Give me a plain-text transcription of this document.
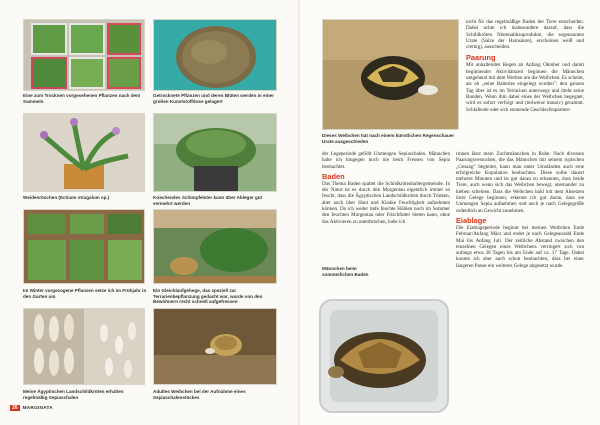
Eine zum Trocknen vorgesehenen Pflanzen nach dem Sammeln
Getrocknete Pflanzen und deren Blüten werden in einer großen Kunststoffdose gelagert
Weidenröschen (Echium stragalum sp.)	Kriechendes Schimpfelster kann über Ableger gut vermehrt werden
Im Winter vorgezogene Pflanzen setze ich im Frühjahr in den Garten um
Ein Gleichlaufgehege, das speziell zur Terrarienbepflanzung gedacht war, wurde von den Bewohnern recht schnell aufgefressen
Meine Ägyptischen Landschildkröten erhalten regelmäßig Sepiaschalen
Adultes Weibchen bei der Aufnahme eines Sepiaschalenstückes
26	MARGINATA
Dieses Weibchen hat nach einem künstlichen Regenschauer Urate ausgeschieden

nicht für das regelmäßige Baden der Tiere entscheiden. Dabei achte ich insbesondere darauf, dass die Schildkröten Nierenabbauprodukte, die sogenannten Urate (Salze der Harnsäure), erscheinen weiß und cremig), ausscheiden.

Paarung

Mit anhaltenden Regen ab Anfang Oktober und damit beginnender Aktivitätszeit beginnen die Männchen umgehend mit dem Werben um die Weibchen. Es scheint, als ob „seine Batteries eingelegt wurden": den ganzen Tag über ist es im Terrarium unterwegs und dreht seine Runden. Wenn ihm dabei eines der Weibchen begegnet, wird es sofort verfolgt und (teilweise massiv) gerammt. Schlafende oder sich sonnende Geschlechtspartner-

der Legeperiode gefüllt Unmengen Sepiaschalen. Männchen habe ich hingegen noch nie beim Fressen von Sepia beobachtet.

Baden

Das Thema Baden spaltet die Schildkrötenhaltergemeinde. In der Natur ist es durch den Morgentau eigentlich immer so feucht, dass die Ägyptischen Landschildkröten durch Trinken, aber auch über Haut und Kloake Feuchtigkeit aufnehmen können. Da ich weder tiefe feuchte Höhlen noch im Sommer den feuchten Morgentau oder Frischfutter bieten kann, ohne das Aktivieren zu unterbrechen, habe ich

rinnen lässt mein Zuchtmännchen in Ruhe. Nach diversen Paarungsversuchen, die das Männchen mit seinem typischen „Gesang" begleitet, kann man unter Umständen auch eine erfolgreiche Kopulation beobachten. Diese sollte dauert mehrere Minuten und ist gut daran zu erkennen, dass beide Tiere, auch wenn sich das Weibchen bewegt, aneinander zu kleben scheinen. Dass die Weibchen bald mit dem Absetzen ihrer Gelege beginnen, erkenne ich gut daran, dass sie Unmengen Sepia aufnehmen und auch je nach Gelegegröße ordentlich an Gewicht zunehmen.

Eiablage

Die Eiablageperiode beginnt bei meinen Weibchen Ende Februar/Anfang März und endet je nach Gelegeanzahl Ende Mai bis Anfang Juli. Der zeitliche Abstand zwischen den einzelnen Gelegen eines Weibchens verringert sich von anfangs etwa 30 Tagen bis am Ende auf ca. 17 Tage. Dabei konnte ich aber auch schon beobachten, dass bei einer längeren Pause ein weiteres Gelege abgesetzt wurde.

Männchen beim sommerlichen Baden
